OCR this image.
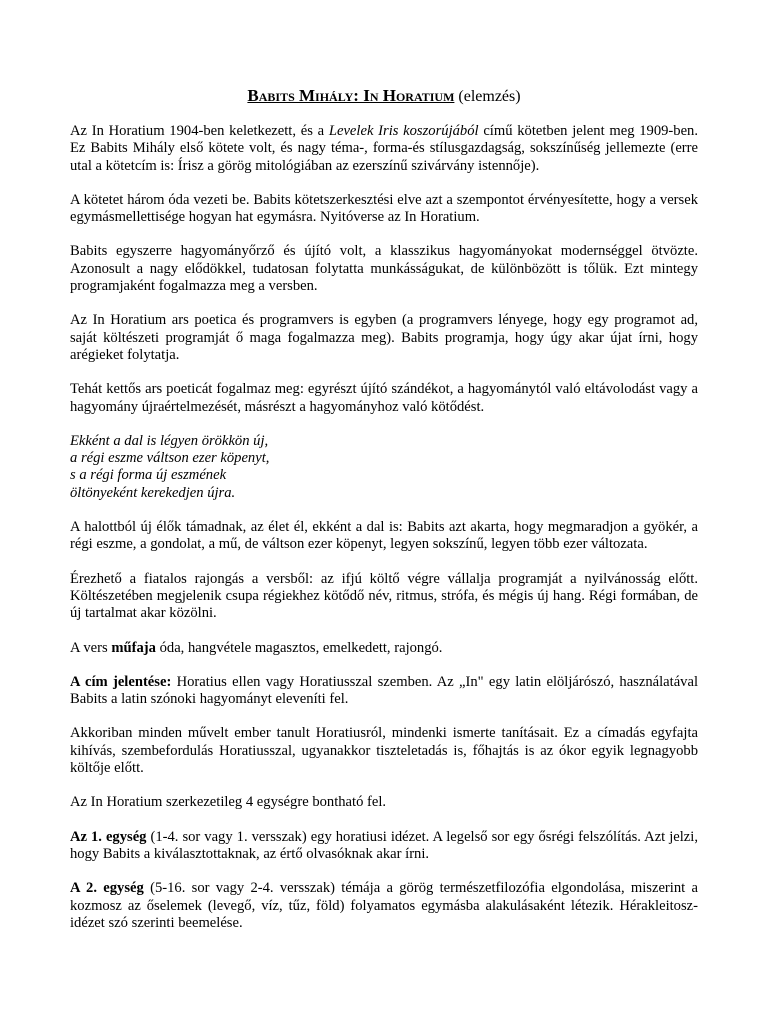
Babits Mihály: In Horatium (elemzés)

Az In Horatium 1904-ben keletkezett, és a Levelek Iris koszorújából című kötetben jelent meg 1909-ben. Ez Babits Mihály első kötete volt, és nagy téma-, forma-és stílusgazdagság, sokszínűség jellemezte (erre utal a kötetcím is: Írisz a görög mitológiában az ezerszínű szivárvány istennője).

A kötetet három óda vezeti be. Babits kötetszerkesztési elve azt a szempontot érvényesítette, hogy a versek egymásmellettisége hogyan hat egymásra. Nyitóverse az In Horatium.

Babits egyszerre hagyományőrző és újító volt, a klasszikus hagyományokat modernséggel ötvözte. Azonosult a nagy elődökkel, tudatosan folytatta munkásságukat, de különbözött is tőlük. Ezt mintegy programjaként fogalmazza meg a versben.

Az In Horatium ars poetica és programvers is egyben (a programvers lényege, hogy egy programot ad, saját költészeti programját ő maga fogalmazza meg). Babits programja, hogy úgy akar újat írni, hogy arégieket folytatja.

Tehát kettős ars poeticát fogalmaz meg: egyrészt újító szándékot, a hagyománytól való eltávolodást vagy a hagyomány újraértelmezését, másrészt a hagyományhoz való kötődést.

Ekként a dal is légyen örökkön új,
a régi eszme váltson ezer köpenyt,
s a régi forma új eszmének
öltönyeként kerekedjen újra.

A halottból új élők támadnak, az élet él, ekként a dal is: Babits azt akarta, hogy megmaradjon a gyökér, a régi eszme, a gondolat, a mű, de váltson ezer köpenyt, legyen sokszínű, legyen több ezer változata.

Érezhető a fiatalos rajongás a versből: az ifjú költő végre vállalja programját a nyilvánosság előtt. Költészetében megjelenik csupa régiekhez kötődő név, ritmus, strófa, és mégis új hang. Régi formában, de új tartalmat akar közölni.

A vers műfaja óda, hangvétele magasztos, emelkedett, rajongó.

A cím jelentése: Horatius ellen vagy Horatiusszal szemben. Az „In" egy latin elöljárószó, használatával Babits a latin szónoki hagyományt eleveníti fel.

Akkoriban minden művelt ember tanult Horatiusról, mindenki ismerte tanításait. Ez a címadás egyfajta kihívás, szembefordulás Horatiusszal, ugyanakkor tiszteletadás is, főhajtás is az ókor egyik legnagyobb költője előtt.

Az In Horatium szerkezetileg 4 egységre bontható fel.

Az 1. egység (1-4. sor vagy 1. versszak) egy horatiusi idézet. A legelső sor egy ősrégi felszólítás. Azt jelzi, hogy Babits a kiválasztottaknak, az értő olvasóknak akar írni.

A 2. egység (5-16. sor vagy 2-4. versszak) témája a görög természetfilozófia elgondolása, miszerint a kozmosz az őselemek (levegő, víz, tűz, föld) folyamatos egymásba alakulásaként létezik. Hérakleitosz-idézet szó szerinti beemelése.
